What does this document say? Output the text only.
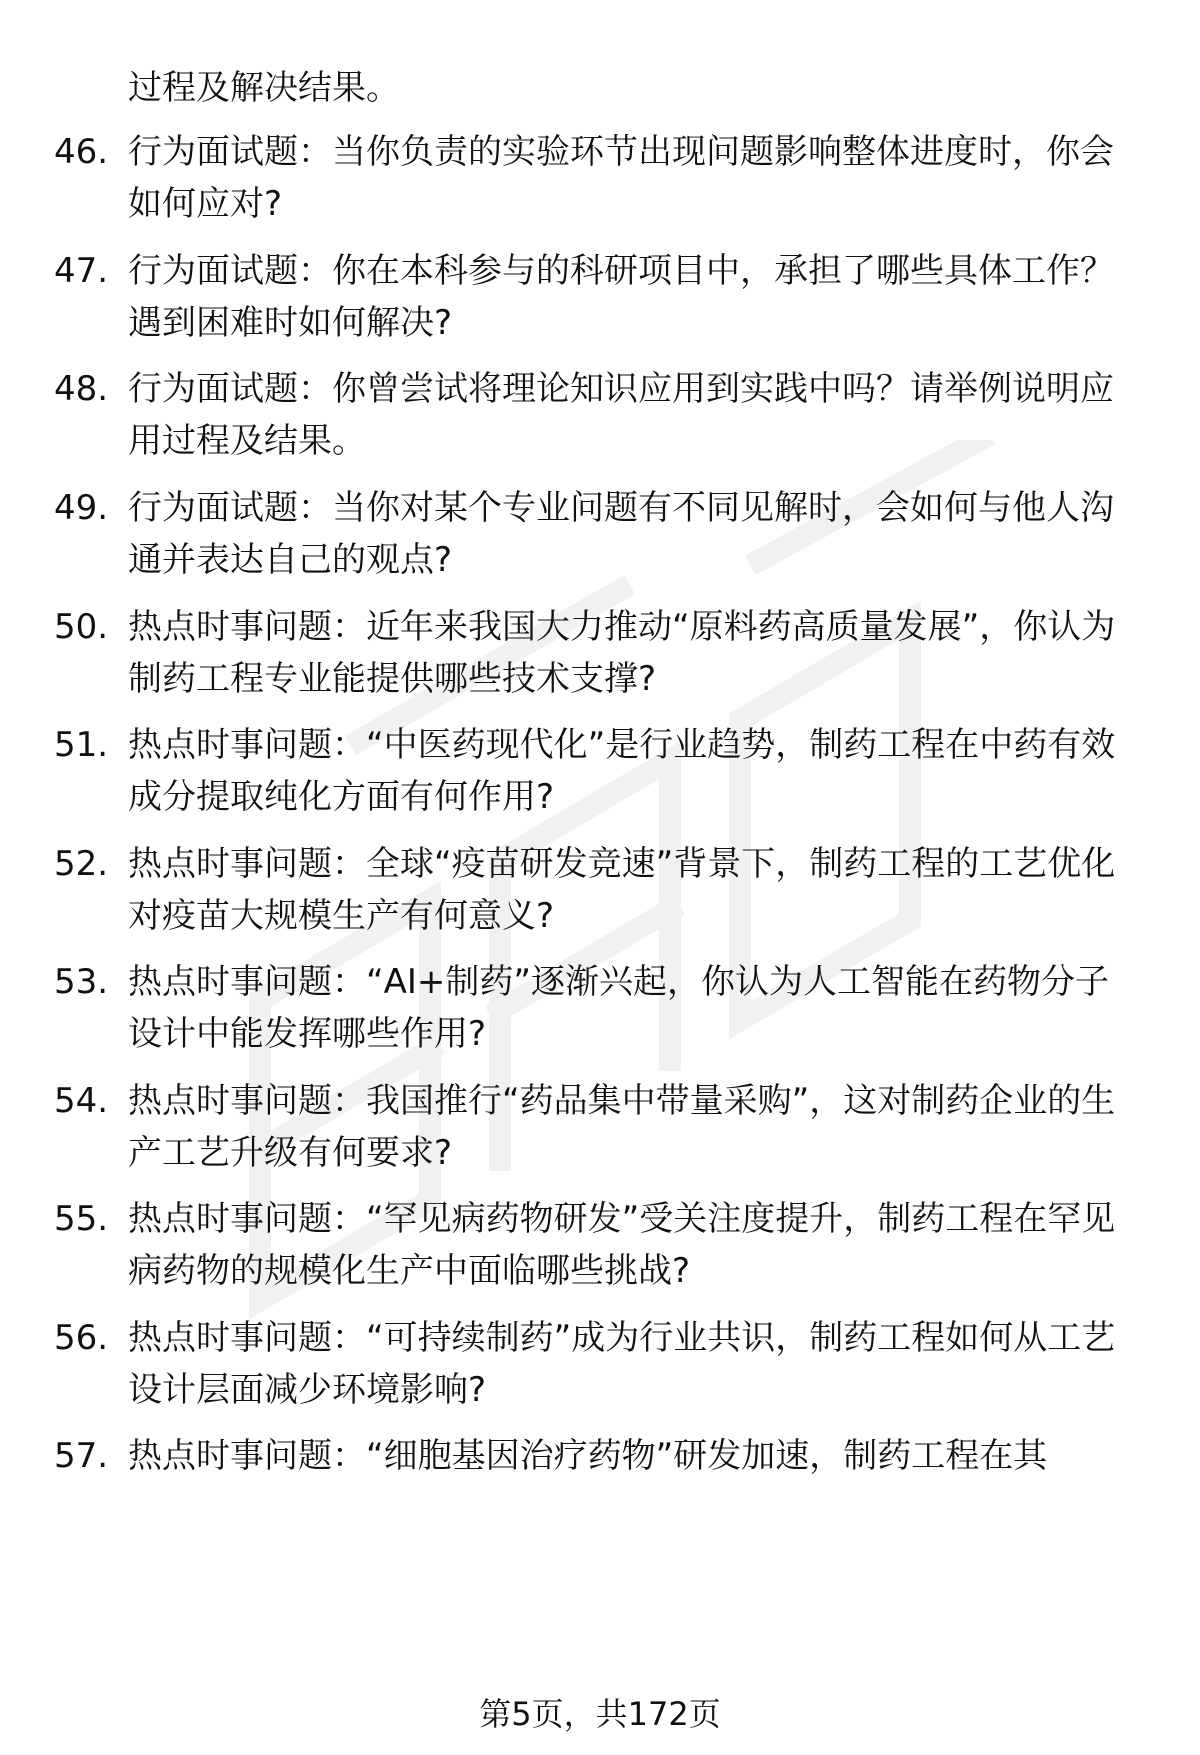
过程及解决结果。
46. 行为面试题：当你负责的实验环节出现问题影响整体进度时，你会如何应对?
47. 行为面试题：你在本科参与的科研项目中，承担了哪些具体工作？遇到困难时如何解决?
48. 行为面试题：你曾尝试将理论知识应用到实践中吗？请举例说明应用过程及结果。
49. 行为面试题：当你对某个专业问题有不同见解时，会如何与他人沟通并表达自己的观点?
50. 热点时事问题：近年来我国大力推动“原料药高质量发展”，你认为制药工程专业能提供哪些技术支撑?
51. 热点时事问题：“中医药现代化”是行业趋势，制药工程在中药有效成分提取纯化方面有何作用?
52. 热点时事问题：全球“疫苗研发竞速”背景下，制药工程的工艺优化对疫苗大规模生产有何意义?
53. 热点时事问题：“AI+制药”逐渐兴起，你认为人工智能在药物分子设计中能发挥哪些作用?
54. 热点时事问题：我国推行“药品集中带量采购”，这对制药企业的生产工艺升级有何要求?
55. 热点时事问题：“罕见病药物研发”受关注度提升，制药工程在罕见病药物的规模化生产中面临哪些挑战?
56. 热点时事问题：“可持续制药”成为行业共识，制药工程如何从工艺设计层面减少环境影响?
57. 热点时事问题：“细胞基因治疗药物”研发加速，制药工程在其
第5页，共172页
